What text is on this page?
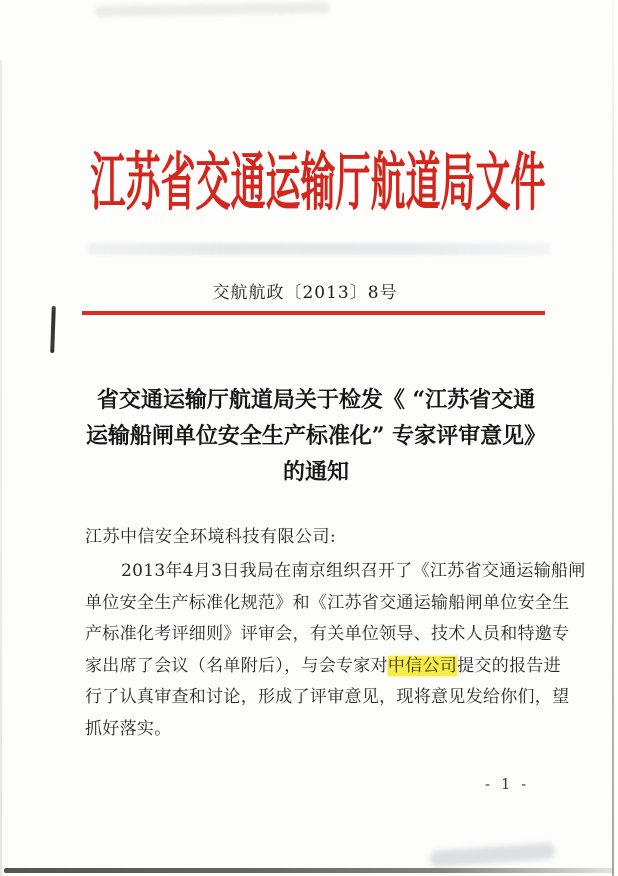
江苏省交通运输厅航道局文件
交航航政〔2013〕8号
省交通运输厅航道局关于检发《 “江苏省交通
运输船闸单位安全生产标准化” 专家评审意见》
的通知
江苏中信安全环境科技有限公司:
2013年4月3日我局在南京组织召开了《江苏省交通运输船闸
单位安全生产标准化规范》和《江苏省交通运输船闸单位安全生
产标准化考评细则》评审会，有关单位领导、技术人员和特邀专
家出席了会议（名单附后），与会专家对中信公司提交的报告进
行了认真审查和讨论，形成了评审意见，现将意见发给你们，望
抓好落实。
- 1 -
